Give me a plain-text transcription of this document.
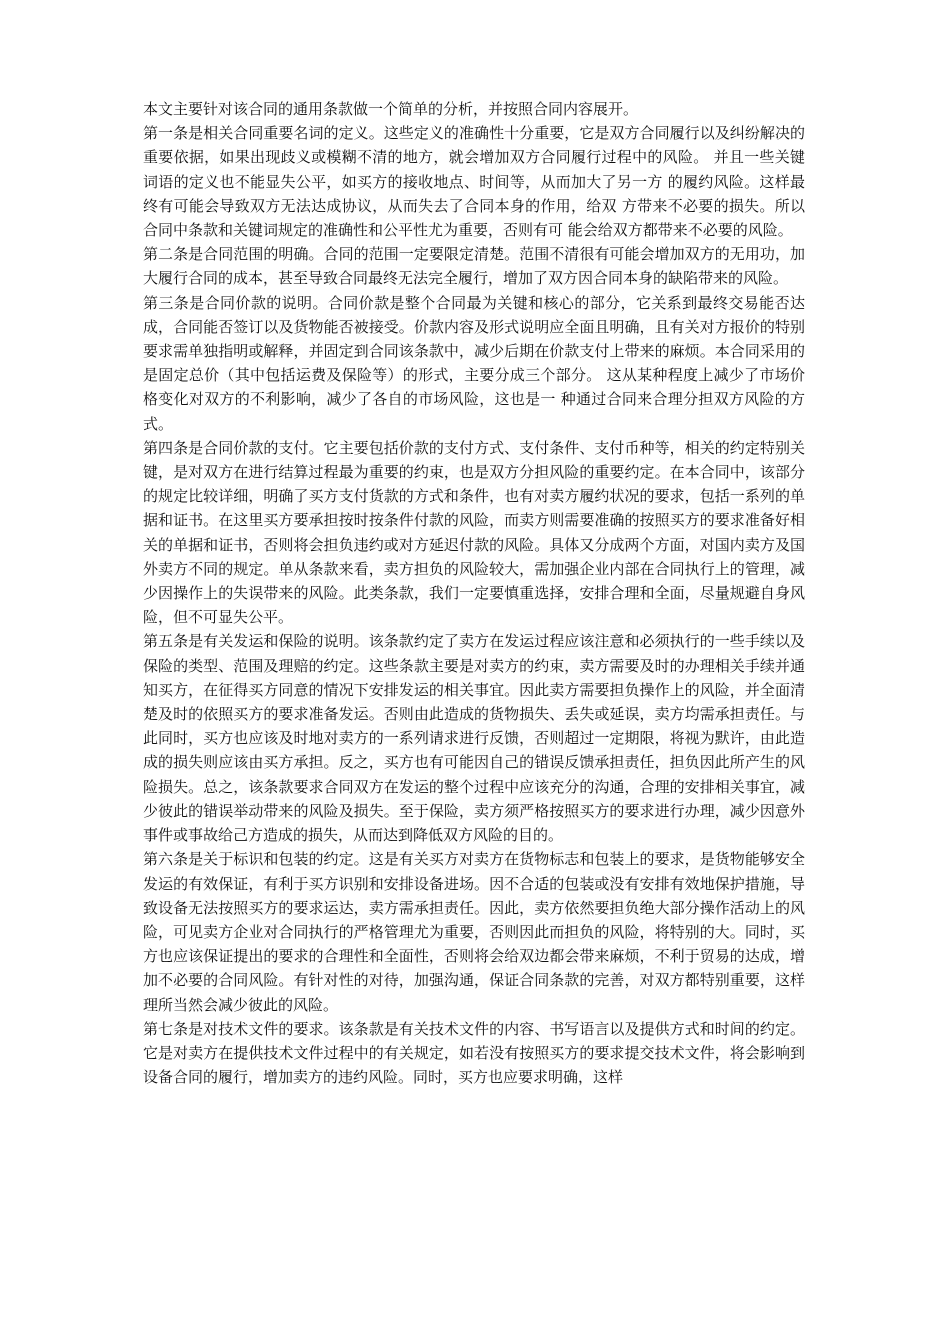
本文主要针对该合同的通用条款做一个简单的分析，并按照合同内容展开。

第一条是相关合同重要名词的定义。这些定义的准确性十分重要，它是双方合同履行以及纠纷解决的重要依据，如果出现歧义或模糊不清的地方，就会增加双方合同履行过程中的风险。 并且一些关键词语的定义也不能显失公平，如买方的接收地点、时间等，从而加大了另一方 的履约风险。这样最终有可能会导致双方无法达成协议，从而失去了合同本身的作用，给双 方带来不必要的损失。所以合同中条款和关键词规定的准确性和公平性尤为重要，否则有可 能会给双方都带来不必要的风险。

第二条是合同范围的明确。合同的范围一定要限定清楚。范围不清很有可能会增加双方的无用功，加大履行合同的成本，甚至导致合同最终无法完全履行，增加了双方因合同本身的缺陷带来的风险。

第三条是合同价款的说明。合同价款是整个合同最为关键和核心的部分，它关系到最终交易能否达成，合同能否签订以及货物能否被接受。价款内容及形式说明应全面且明确，且有关对方报价的特别要求需单独指明或解释，并固定到合同该条款中，减少后期在价款支付上带来的麻烦。本合同采用的是固定总价（其中包括运费及保险等）的形式，主要分成三个部分。 这从某种程度上减少了市场价格变化对双方的不利影响，减少了各自的市场风险，这也是一 种通过合同来合理分担双方风险的方式。

第四条是合同价款的支付。它主要包括价款的支付方式、支付条件、支付币种等，相关的约定特别关键，是对双方在进行结算过程最为重要的约束，也是双方分担风险的重要约定。在本合同中，该部分的规定比较详细，明确了买方支付货款的方式和条件，也有对卖方履约状况的要求，包括一系列的单据和证书。在这里买方要承担按时按条件付款的风险，而卖方则需要准确的按照买方的要求准备好相关的单据和证书，否则将会担负违约或对方延迟付款的风险。具体又分成两个方面，对国内卖方及国外卖方不同的规定。单从条款来看，卖方担负的风险较大，需加强企业内部在合同执行上的管理，减少因操作上的失误带来的风险。此类条款，我们一定要慎重选择，安排合理和全面，尽量规避自身风险，但不可显失公平。

第五条是有关发运和保险的说明。该条款约定了卖方在发运过程应该注意和必须执行的一些手续以及保险的类型、范围及理赔的约定。这些条款主要是对卖方的约束，卖方需要及时的办理相关手续并通知买方，在征得买方同意的情况下安排发运的相关事宜。因此卖方需要担负操作上的风险，并全面清楚及时的依照买方的要求准备发运。否则由此造成的货物损失、丢失或延误，卖方均需承担责任。与此同时，买方也应该及时地对卖方的一系列请求进行反馈，否则超过一定期限，将视为默许，由此造成的损失则应该由买方承担。反之，买方也有可能因自己的错误反馈承担责任，担负因此所产生的风险损失。总之，该条款要求合同双方在发运的整个过程中应该充分的沟通，合理的安排相关事宜，减少彼此的错误举动带来的风险及损失。至于保险，卖方须严格按照买方的要求进行办理，减少因意外事件或事故给己方造成的损失，从而达到降低双方风险的目的。

第六条是关于标识和包装的约定。这是有关买方对卖方在货物标志和包装上的要求，是货物能够安全发运的有效保证，有利于买方识别和安排设备进场。因不合适的包装或没有安排有效地保护措施，导致设备无法按照买方的要求运达，卖方需承担责任。因此，卖方依然要担负绝大部分操作活动上的风险，可见卖方企业对合同执行的严格管理尤为重要，否则因此而担负的风险，将特别的大。同时，买方也应该保证提出的要求的合理性和全面性，否则将会给双边都会带来麻烦，不利于贸易的达成，增加不必要的合同风险。有针对性的对待，加强沟通，保证合同条款的完善，对双方都特别重要，这样理所当然会减少彼此的风险。

第七条是对技术文件的要求。该条款是有关技术文件的内容、书写语言以及提供方式和时间的约定。它是对卖方在提供技术文件过程中的有关规定，如若没有按照买方的要求提交技术文件，将会影响到设备合同的履行，增加卖方的违约风险。同时，买方也应要求明确，这样
